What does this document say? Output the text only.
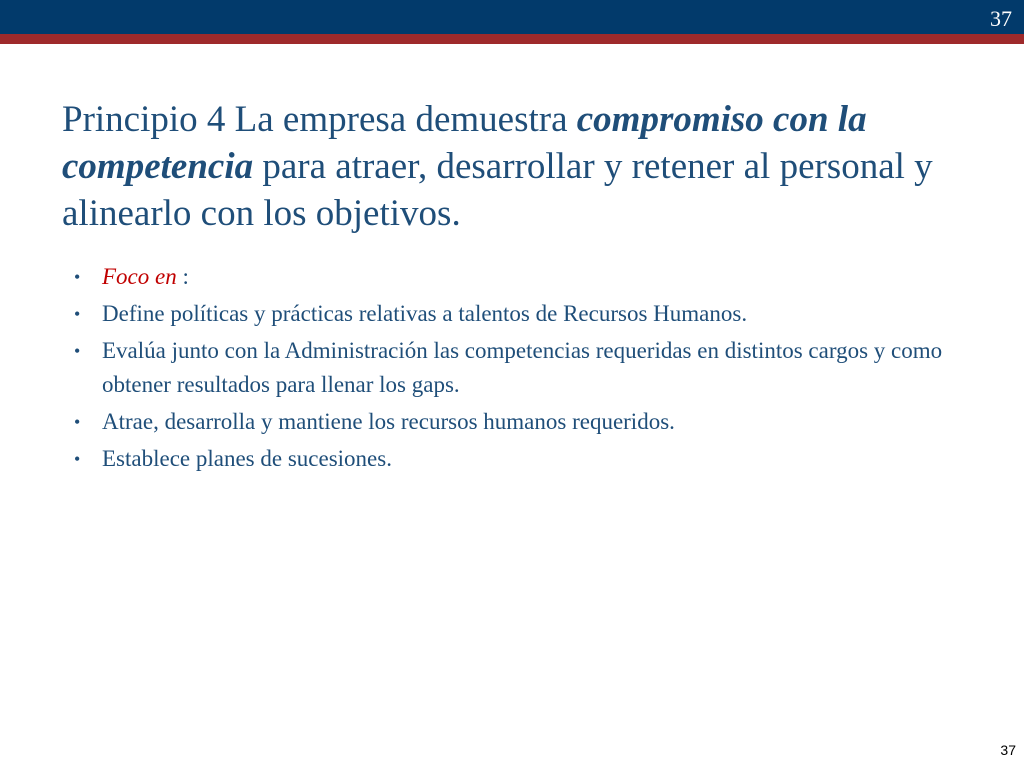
37
Principio 4 La empresa demuestra compromiso con la competencia para atraer, desarrollar y retener al personal y alinearlo con los objetivos.
• Foco en :
• Define políticas y prácticas relativas a talentos de Recursos Humanos.
• Evalúa junto con la Administración las competencias requeridas en distintos cargos y como obtener resultados para llenar los gaps.
• Atrae, desarrolla y mantiene los recursos humanos requeridos.
• Establece planes de sucesiones.
37
